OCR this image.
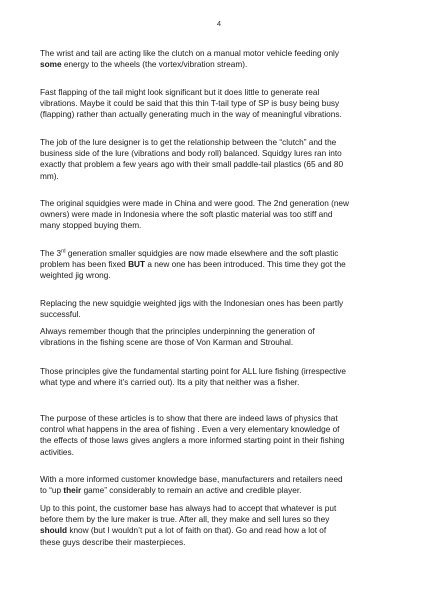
4

The wrist and tail are acting like the clutch on a manual motor vehicle feeding only
some energy to the wheels (the vortex/vibration stream).

Fast flapping of the tail might look significant but it does little to generate real
vibrations. Maybe it could be said that this thin T-tail type of SP is busy being busy
(flapping) rather than actually generating much in the way of meaningful vibrations.

The job of the lure designer is to get the relationship between the “clutch” and the
business side of the lure (vibrations and body roll) balanced. Squidgy lures ran into
exactly that problem a few years ago with their small paddle-tail plastics (65 and 80
mm).

The original squidgies were made in China and were good. The 2nd generation (new
owners) were made in Indonesia where the soft plastic material was too stiff and
many stopped buying them.

The 3rd generation smaller squidgies are now made elsewhere and the soft plastic
problem has been fixed BUT a new one has been introduced. This time they got the
weighted jig wrong.

Replacing the new squidgie weighted jigs with the Indonesian ones has been partly
successful.

Always remember though that the principles underpinning the generation of
vibrations in the fishing scene are those of Von Karman and Strouhal.

Those principles give the fundamental starting point for ALL lure fishing (irrespective
what type and where it’s carried out). Its a pity that neither was a fisher.

The purpose of these articles is to show that there are indeed laws of physics that
control what happens in the area of fishing . Even a very elementary knowledge of
the effects of those laws gives anglers a more informed starting point in their fishing
activities.

With a more informed customer knowledge base, manufacturers and retailers need
to “up their game” considerably to remain an active and credible player.

Up to this point, the customer base has always had to accept that whatever is put
before them by the lure maker is true. After all, they make and sell lures so they
should know (but I wouldn’t put a lot of faith on that). Go and read how a lot of
these guys describe their masterpieces.
